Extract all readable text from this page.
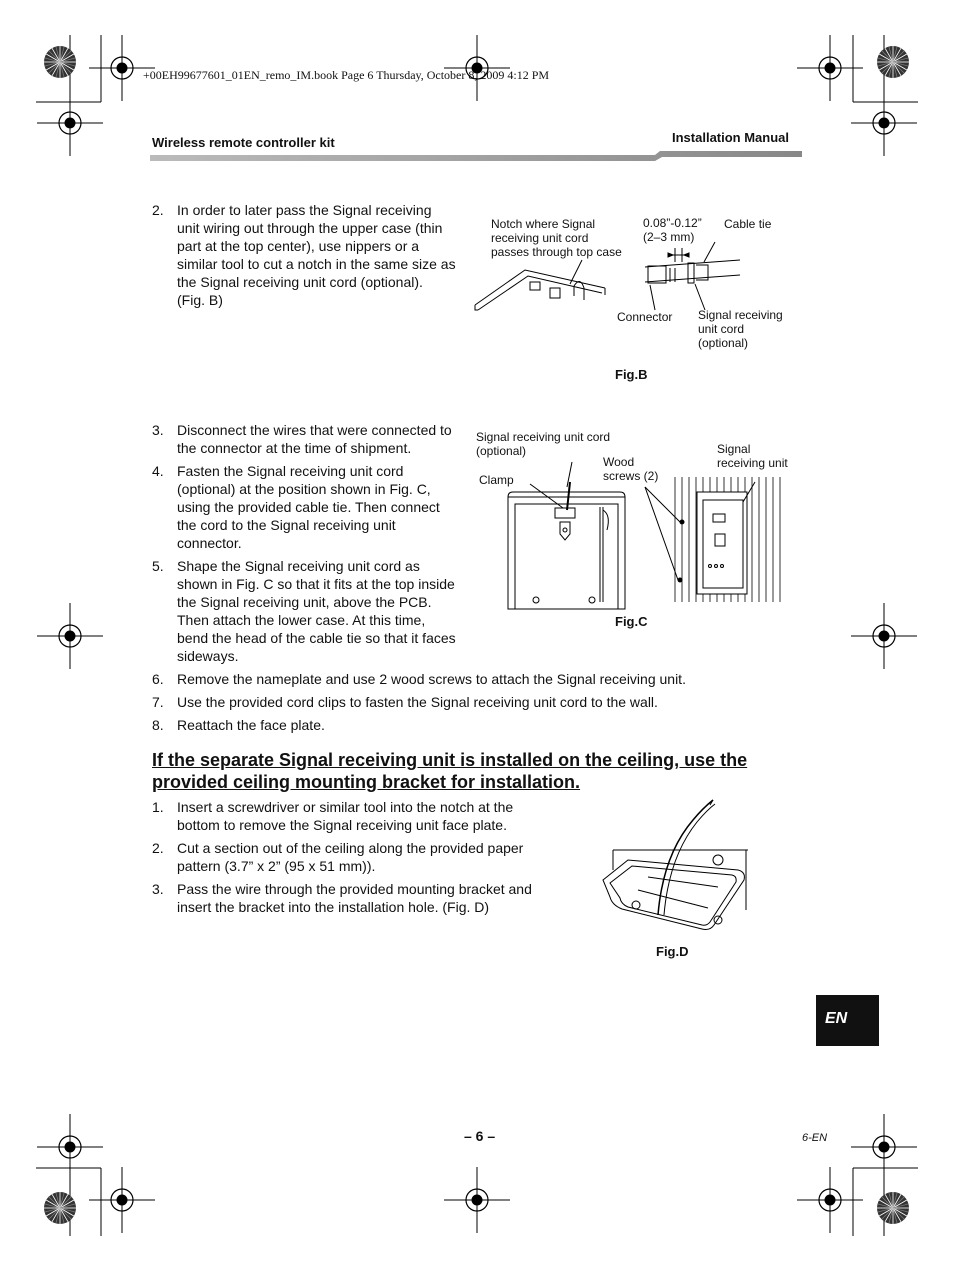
+00EH99677601_01EN_remo_IM.book Page 6 Thursday, October 8, 2009 4:12 PM
Wireless remote controller kit	Installation Manual
2. In order to later pass the Signal receiving
unit wiring out through the upper case (thin
part at the top center), use nippers or a
similar tool to cut a notch in the same size as
the Signal receiving unit cord (optional).
(Fig. B)
Notch where Signal
receiving unit cord
passes through top case
0.08”-0.12”
(2–3 mm)
Cable tie
Connector Signal receiving
unit cord
(optional)
Fig.B
3. Disconnect the wires that were connected to
the connector at the time of shipment.
4. Fasten the Signal receiving unit cord
(optional) at the position shown in Fig. C,
using the provided cable tie. Then connect
the cord to the Signal receiving unit
connector.
5. Shape the Signal receiving unit cord as
shown in Fig. C so that it fits at the top inside
the Signal receiving unit, above the PCB.
Then attach the lower case. At this time,
bend the head of the cable tie so that it faces
sideways.
Signal receiving unit cord
(optional)
Clamp
Wood
screws (2)
Signal
receiving unit
Fig.C
6. Remove the nameplate and use 2 wood screws to attach the Signal receiving unit.
7. Use the provided cord clips to fasten the Signal receiving unit cord to the wall.
8. Reattach the face plate.
If the separate Signal receiving unit is installed on the ceiling, use the
provided ceiling mounting bracket for installation.
1. Insert a screwdriver or similar tool into the notch at the
bottom to remove the Signal receiving unit face plate.
2. Cut a section out of the ceiling along the provided paper
pattern (3.7” x 2” (95 x 51 mm)).
3. Pass the wire through the provided mounting bracket and
insert the bracket into the installation hole. (Fig. D)
Fig.D
EN
– 6 –	6-EN
